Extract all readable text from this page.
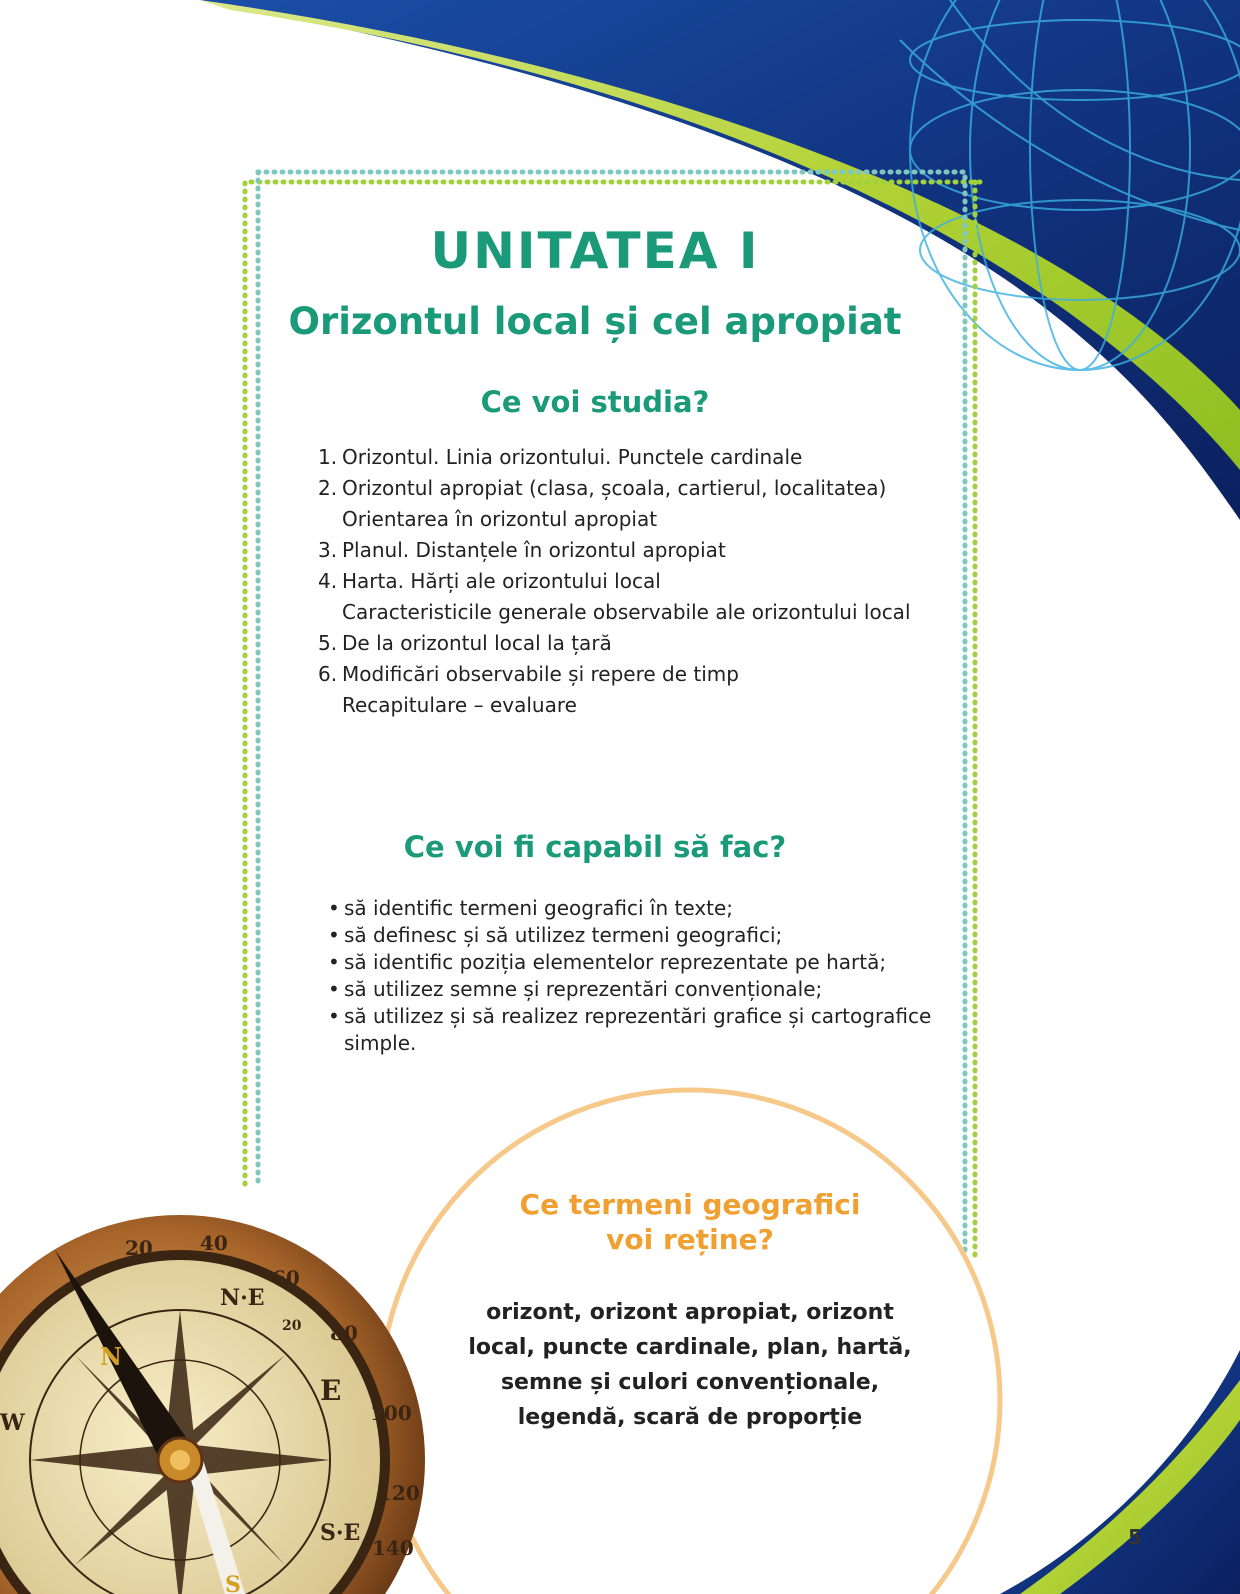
UNITATEA I
Orizontul local și cel apropiat
Ce voi studia?
1. Orizontul. Linia orizontului. Punctele cardinale
2. Orizontul apropiat (clasa, școala, cartierul, localitatea)
Orientarea în orizontul apropiat
3. Planul. Distanțele în orizontul apropiat
4. Harta. Hărți ale orizontului local
Caracteristicile generale observabile ale orizontului local
5. De la orizontul local la țară
6. Modificări observabile și repere de timp
Recapitulare – evaluare
Ce voi fi capabil să fac?
• să identific termeni geografici în texte;
• să definesc și să utilizez termeni geografici;
• să identific poziția elementelor reprezentate pe hartă;
• să utilizez semne și reprezentări convenționale;
• să utilizez și să realizez reprezentări grafice și cartografice simple.
20 40
N·E
60
20 80
E
100
120
S·E
140
W
N
S
Ce termeni geografici
voi reține?

orizont, orizont apropiat, orizont
local, puncte cardinale, plan, hartă,
semne și culori convenționale,
legendă, scară de proporție

5
